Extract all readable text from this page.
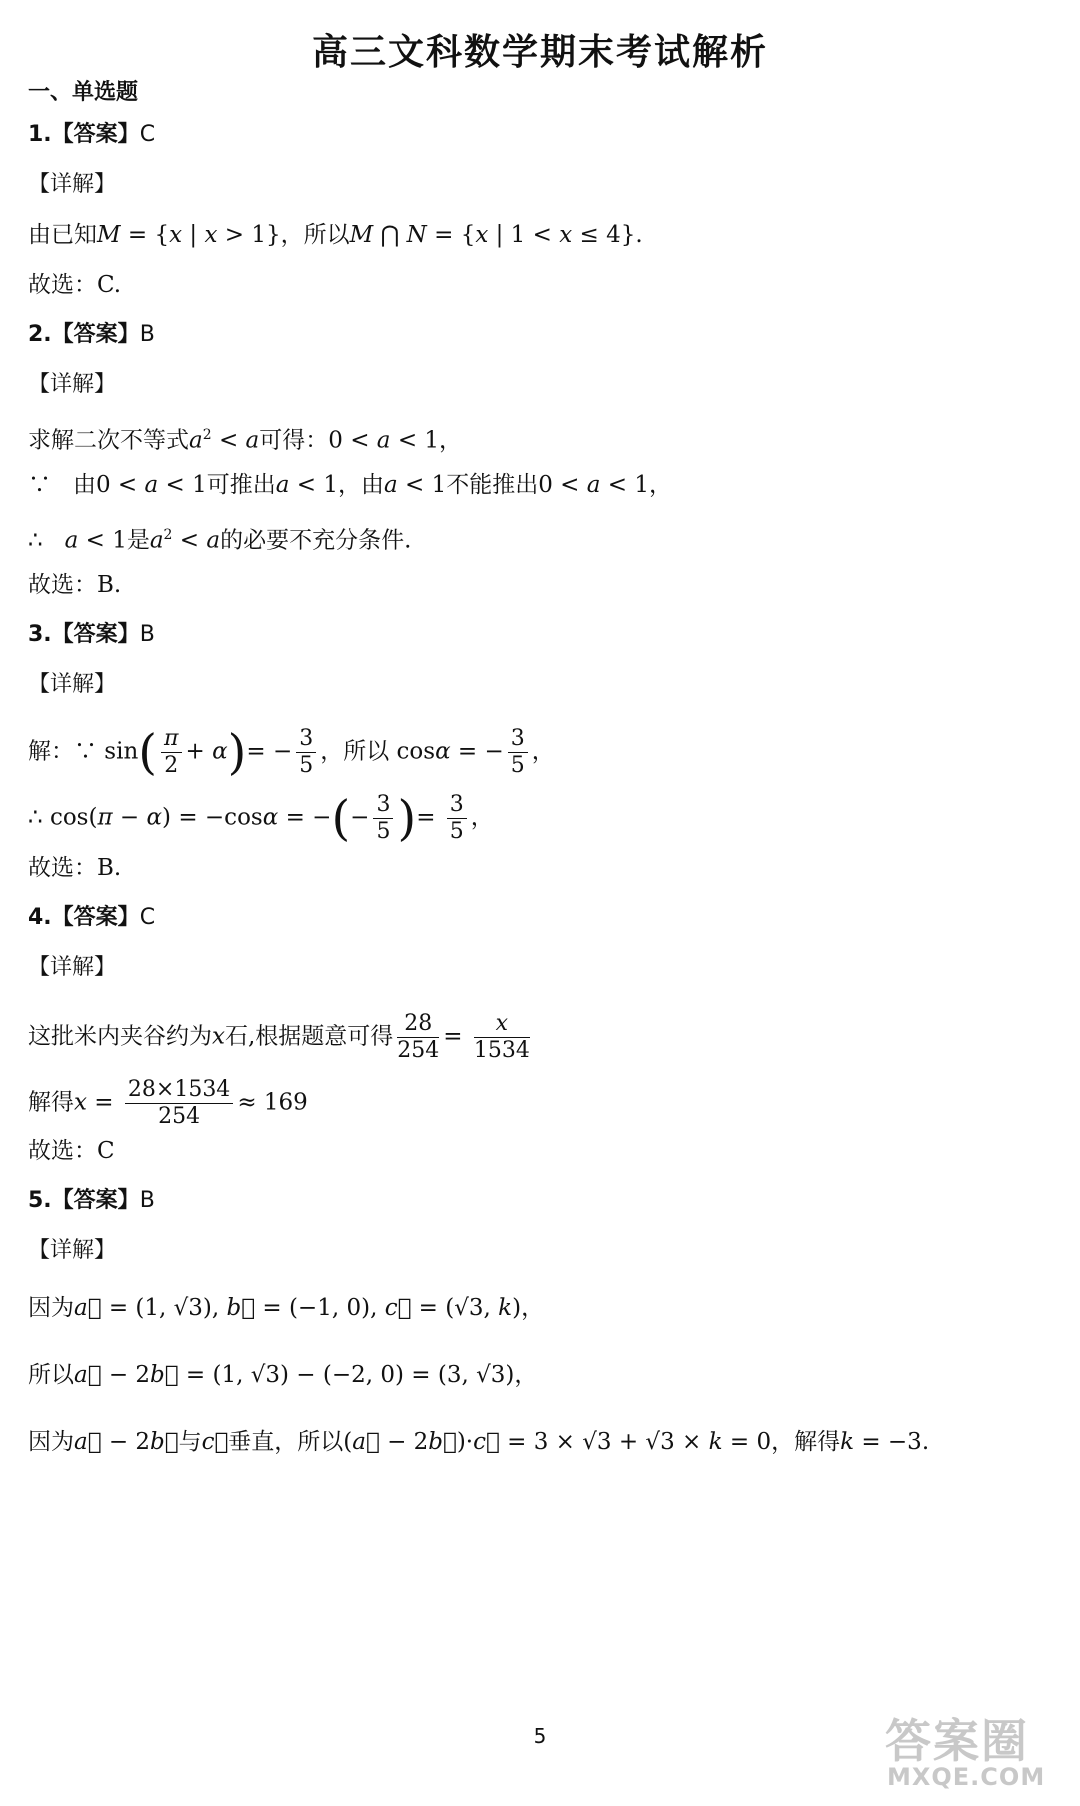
高三文科数学期末考试解析
一、单选题
1.【答案】C
【详解】
由已知M = {x | x > 1}，所以M ⋂ N = {x | 1 < x ≤ 4}.
故选：C.
2.【答案】B
【详解】
求解二次不等式$a^2 < a$可得：0 < a < 1，
∵ 由0 < a < 1可推出a < 1，由a < 1不能推出0 < a < 1，
∴ a < 1是$a^2 < a$的必要不充分条件.
故选：B.
3.【答案】B
【详解】
解：∵ $\sin( \frac{\pi}{2} + \alpha)= - \frac{3}{5}$ ，所以 cosα = − $\frac{3}{5}$ ，
∴ cos(π − α) = −cosα = −(− $\frac{3}{5}$ )= $\frac{3}{5}$ ，
故选：B.
4.【答案】C
【详解】
这批米内夹谷约为x石,根据题意可得 $\frac{28}{254} = \frac{x}{1534}$
解得$x = \frac{28\times 1534}{254} \approx 169$
故选：C
5.【答案】B
【详解】
因为a⃗ = (1, √3), b⃗ = (−1, 0), c⃗ = (√3, k)，
所以a⃗ − 2b⃗ = (1, √3) − (−2, 0) = (3, √3)，
因为a⃗ − 2b⃗与c⃗垂直，所以(a⃗ − 2b⃗)·c⃗ = 3 × √3 + √3 × k = 0，解得k = −3.
5	答案圈
MXQE.COM
